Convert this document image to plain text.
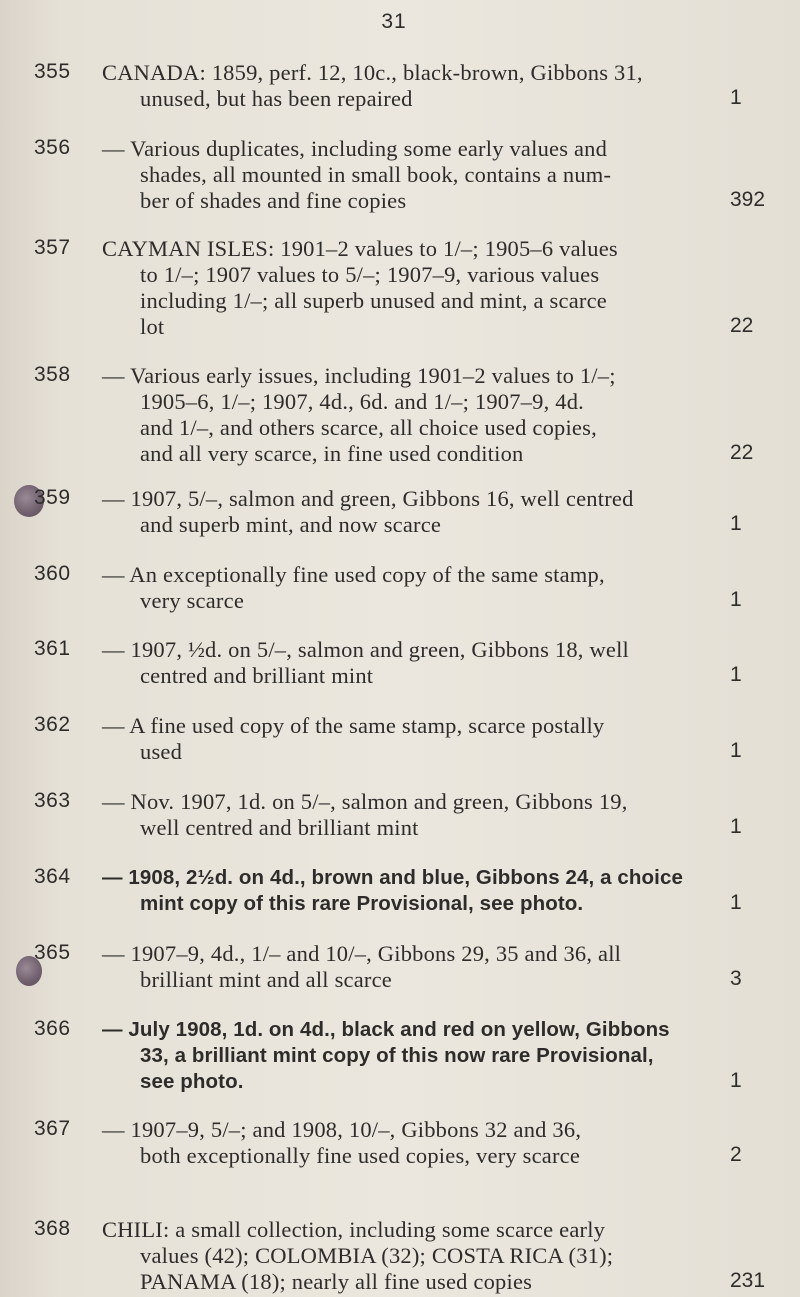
31
355	CANADA: 1859, perf. 12, 10c., black-brown, Gibbons 31,
unused, but has been repaired	1
356	— Various duplicates, including some early values and
shades, all mounted in small book, contains a num-
ber of shades and fine copies	392
357	CAYMAN ISLES: 1901–2 values to 1/–; 1905–6 values
to 1/–; 1907 values to 5/–; 1907–9, various values
including 1/–; all superb unused and mint, a scarce
lot	22
358	— Various early issues, including 1901–2 values to 1/–;
1905–6, 1/–; 1907, 4d., 6d. and 1/–; 1907–9, 4d.
and 1/–, and others scarce, all choice used copies,
and all very scarce, in fine used condition	22
359	— 1907, 5/–, salmon and green, Gibbons 16, well centred
and superb mint, and now scarce	1
360	— An exceptionally fine used copy of the same stamp,
very scarce	1
361	— 1907, ½d. on 5/–, salmon and green, Gibbons 18, well
centred and brilliant mint	1
362	— A fine used copy of the same stamp, scarce postally
used	1
363	— Nov. 1907, 1d. on 5/–, salmon and green, Gibbons 19,
well centred and brilliant mint	1
364	— 1908, 2½d. on 4d., brown and blue, Gibbons 24, a choice
mint copy of this rare Provisional, see photo.	1
365	— 1907–9, 4d., 1/– and 10/–, Gibbons 29, 35 and 36, all
brilliant mint and all scarce	3
366	— July 1908, 1d. on 4d., black and red on yellow, Gibbons
33, a brilliant mint copy of this now rare Provisional,
see photo.	1
367	— 1907–9, 5/–; and 1908, 10/–, Gibbons 32 and 36,
both exceptionally fine used copies, very scarce	2
368	CHILI: a small collection, including some scarce early
values (42); COLOMBIA (32); COSTA RICA (31);
PANAMA (18); nearly all fine used copies	231
